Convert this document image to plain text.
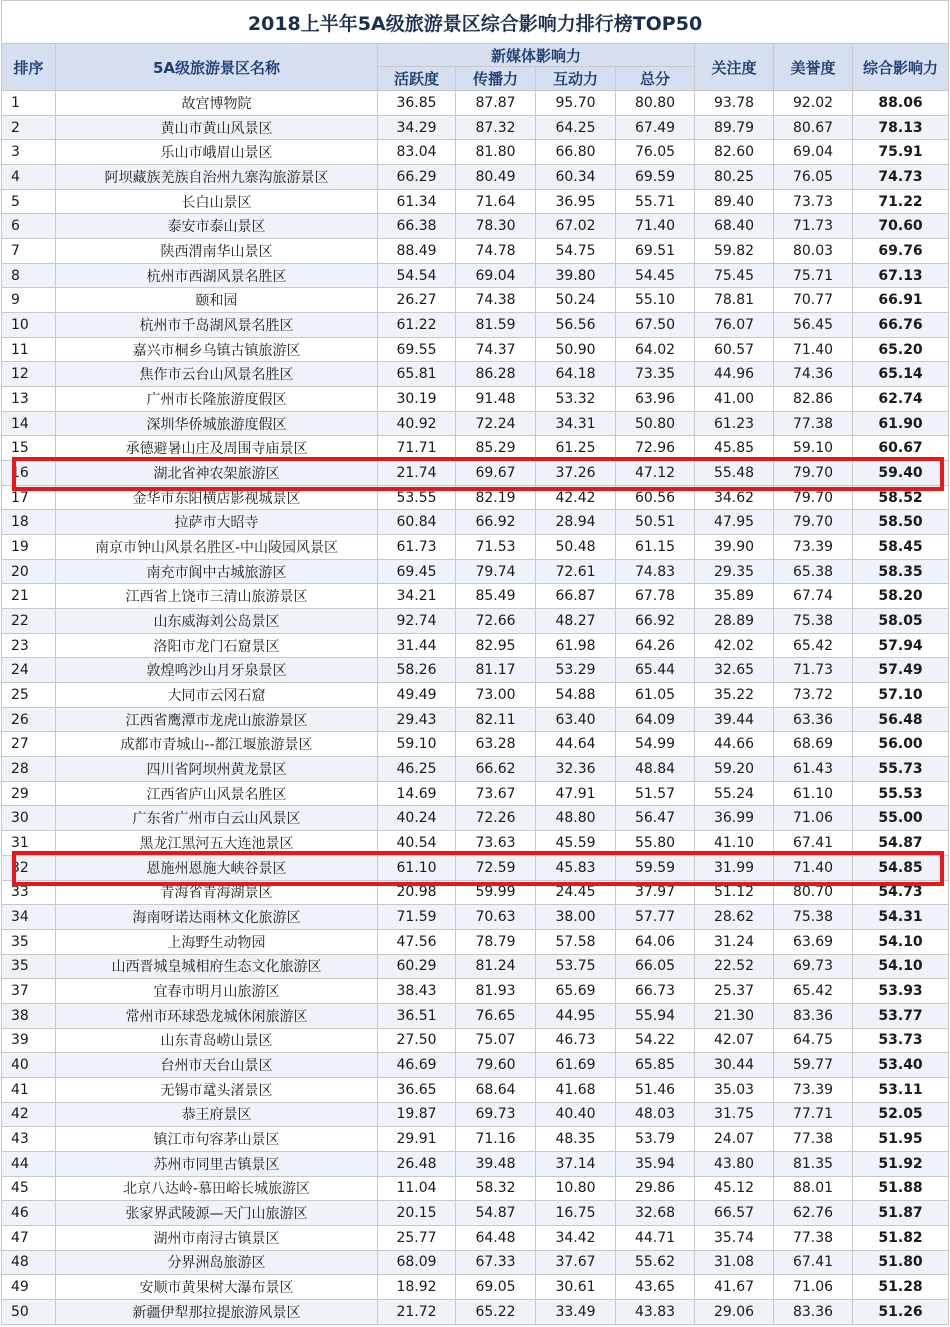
2018上半年5A级旅游景区综合影响力排行榜TOP50								
排序	5A级旅游景区名称	新媒体影响力				关注度	美誉度	综合影响力
		活跃度	传播力	互动力	总分			
1	故宫博物院	36.85	87.87	95.70	80.80	93.78	92.02	88.06
2	黄山市黄山风景区	34.29	87.32	64.25	67.49	89.79	80.67	78.13
3	乐山市峨眉山景区	83.04	81.80	66.80	76.05	82.60	69.04	75.91
4	阿坝藏族羌族自治州九寨沟旅游景区	66.29	80.49	60.34	69.59	80.25	76.05	74.73
5	长白山景区	61.34	71.64	36.95	55.71	89.40	73.73	71.22
6	泰安市泰山景区	66.38	78.30	67.02	71.40	68.40	71.73	70.60
7	陕西渭南华山景区	88.49	74.78	54.75	69.51	59.82	80.03	69.76
8	杭州市西湖风景名胜区	54.54	69.04	39.80	54.45	75.45	75.71	67.13
9	颐和园	26.27	74.38	50.24	55.10	78.81	70.77	66.91
10	杭州市千岛湖风景名胜区	61.22	81.59	56.56	67.50	76.07	56.45	66.76
11	嘉兴市桐乡乌镇古镇旅游区	69.55	74.37	50.90	64.02	60.57	71.40	65.20
12	焦作市云台山风景名胜区	65.81	86.28	64.18	73.35	44.96	74.36	65.14
13	广州市长隆旅游度假区	30.19	91.48	53.32	63.96	41.00	82.86	62.74
14	深圳华侨城旅游度假区	40.92	72.24	34.31	50.80	61.23	77.38	61.90
15	承德避暑山庄及周围寺庙景区	71.71	85.29	61.25	72.96	45.85	59.10	60.67
16	湖北省神农架旅游区	21.74	69.67	37.26	47.12	55.48	79.70	59.40
17	金华市东阳横店影视城景区	53.55	82.19	42.42	60.56	34.62	79.70	58.52
18	拉萨市大昭寺	60.84	66.92	28.94	50.51	47.95	79.70	58.50
19	南京市钟山风景名胜区-中山陵园风景区	61.73	71.53	50.48	61.15	39.90	73.39	58.45
20	南充市阆中古城旅游区	69.45	79.74	72.61	74.83	29.35	65.38	58.35
21	江西省上饶市三清山旅游景区	34.21	85.49	66.87	67.78	35.89	67.74	58.20
22	山东威海刘公岛景区	92.74	72.66	48.27	66.92	28.89	75.38	58.05
23	洛阳市龙门石窟景区	31.44	82.95	61.98	64.26	42.02	65.42	57.94
24	敦煌鸣沙山月牙泉景区	58.26	81.17	53.29	65.44	32.65	71.73	57.49
25	大同市云冈石窟	49.49	73.00	54.88	61.05	35.22	73.72	57.10
26	江西省鹰潭市龙虎山旅游景区	29.43	82.11	63.40	64.09	39.44	63.36	56.48
27	成都市青城山--都江堰旅游景区	59.10	63.28	44.64	54.99	44.66	68.69	56.00
28	四川省阿坝州黄龙景区	46.25	66.62	32.36	48.84	59.20	61.43	55.73
29	江西省庐山风景名胜区	14.69	73.67	47.91	51.57	55.24	61.10	55.53
30	广东省广州市白云山风景区	40.24	72.26	48.80	56.47	36.99	71.06	55.00
31	黑龙江黑河五大连池景区	40.54	73.63	45.59	55.80	41.10	67.41	54.87
32	恩施州恩施大峡谷景区	61.10	72.59	45.83	59.59	31.99	71.40	54.85
33	青海省青海湖景区	20.98	59.99	24.45	37.97	51.12	80.70	54.73
34	海南呀诺达雨林文化旅游区	71.59	70.63	38.00	57.77	28.62	75.38	54.31
35	上海野生动物园	47.56	78.79	57.58	64.06	31.24	63.69	54.10
35	山西晋城皇城相府生态文化旅游区	60.29	81.24	53.75	66.05	22.52	69.73	54.10
37	宜春市明月山旅游区	38.43	81.93	65.69	66.73	25.37	65.42	53.93
38	常州市环球恐龙城休闲旅游区	36.51	76.65	44.95	55.94	21.30	83.36	53.77
39	山东青岛崂山景区	27.50	75.07	46.73	54.22	42.07	64.75	53.73
40	台州市天台山景区	46.69	79.60	61.69	65.85	30.44	59.77	53.40
41	无锡市鼋头渚景区	36.65	68.64	41.68	51.46	35.03	73.39	53.11
42	恭王府景区	19.87	69.73	40.40	48.03	31.75	77.71	52.05
43	镇江市句容茅山景区	29.91	71.16	48.35	53.79	24.07	77.38	51.95
44	苏州市同里古镇景区	26.48	39.48	37.14	35.94	43.80	81.35	51.92
45	北京八达岭-慕田峪长城旅游区	11.04	58.32	10.80	29.86	45.12	88.01	51.88
46	张家界武陵源—天门山旅游区	20.15	54.87	16.75	32.68	66.57	62.76	51.87
47	湖州市南浔古镇景区	25.77	64.48	34.42	44.71	35.74	77.38	51.82
48	分界洲岛旅游区	68.09	67.33	37.67	55.62	31.08	67.41	51.80
49	安顺市黄果树大瀑布景区	18.92	69.05	30.61	43.65	41.67	71.06	51.28
50	新疆伊犁那拉提旅游风景区	21.72	65.22	33.49	43.83	29.06	83.36	51.26
